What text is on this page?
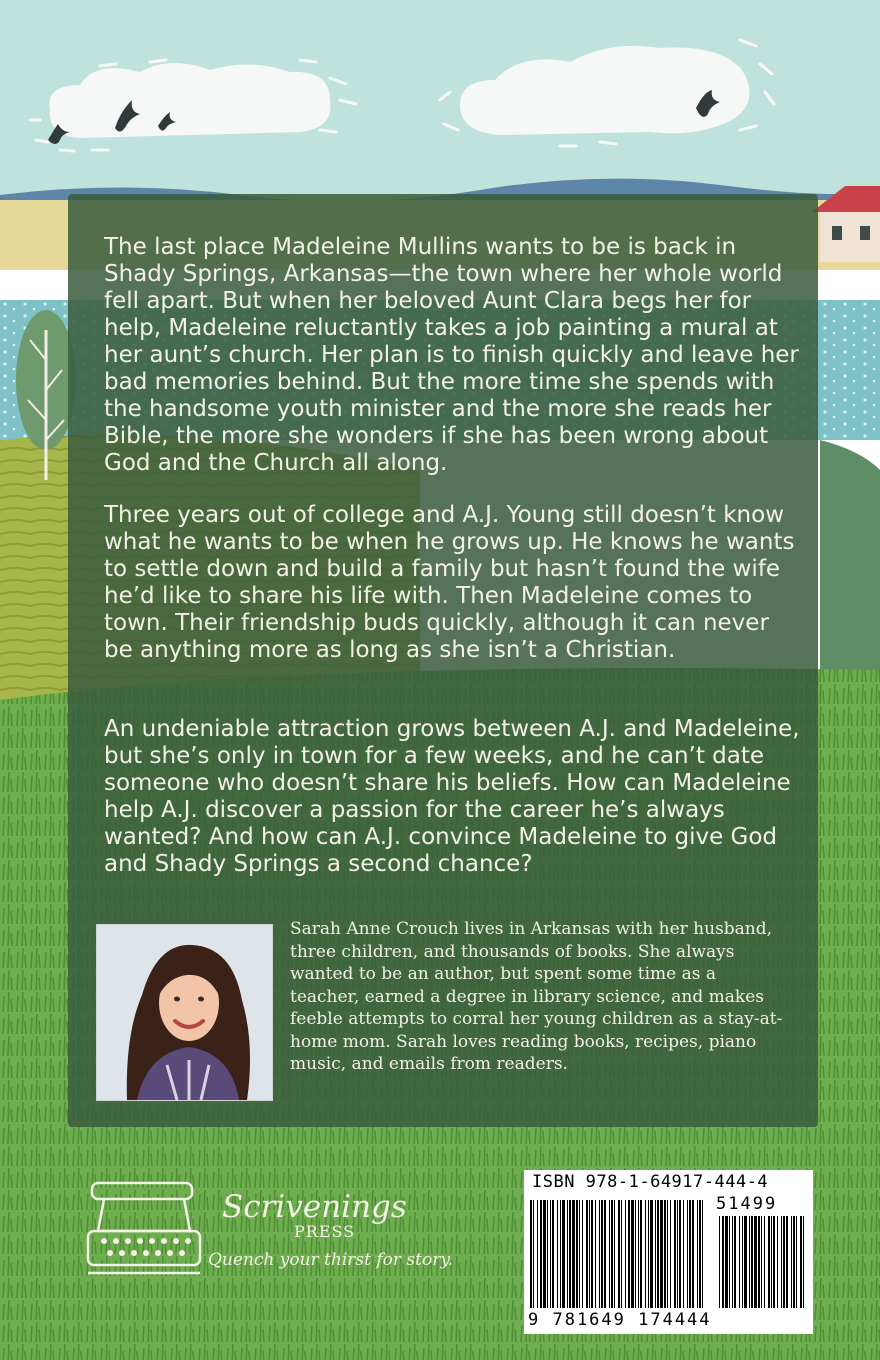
The last place Madeleine Mullins wants to be is back in Shady Springs, Arkansas—the town where her whole world fell apart. But when her beloved Aunt Clara begs her for help, Madeleine reluctantly takes a job painting a mural at her aunt’s church. Her plan is to finish quickly and leave her bad memories behind. But the more time she spends with the handsome youth minister and the more she reads her Bible, the more she wonders if she has been wrong about God and the Church all along.

Three years out of college and A.J. Young still doesn’t know what he wants to be when he grows up. He knows he wants to settle down and build a family but hasn’t found the wife he’d like to share his life with. Then Madeleine comes to town. Their friendship buds quickly, although it can never be anything more as long as she isn’t a Christian.

An undeniable attraction grows between A.J. and Madeleine, but she’s only in town for a few weeks, and he can’t date someone who doesn’t share his beliefs. How can Madeleine help A.J. discover a passion for the career he’s always wanted? And how can A.J. convince Madeleine to give God and Shady Springs a second chance?

Sarah Anne Crouch lives in Arkansas with her husband, three children, and thousands of books. She always wanted to be an author, but spent some time as a teacher, earned a degree in library science, and makes feeble attempts to corral her young children as a stay-at-home mom. Sarah loves reading books, recipes, piano music, and emails from readers.

Scrivenings

PRESS

Quench your thirst for story.

ISBN 978-1-64917-444-4

51499

9 781649 174444
